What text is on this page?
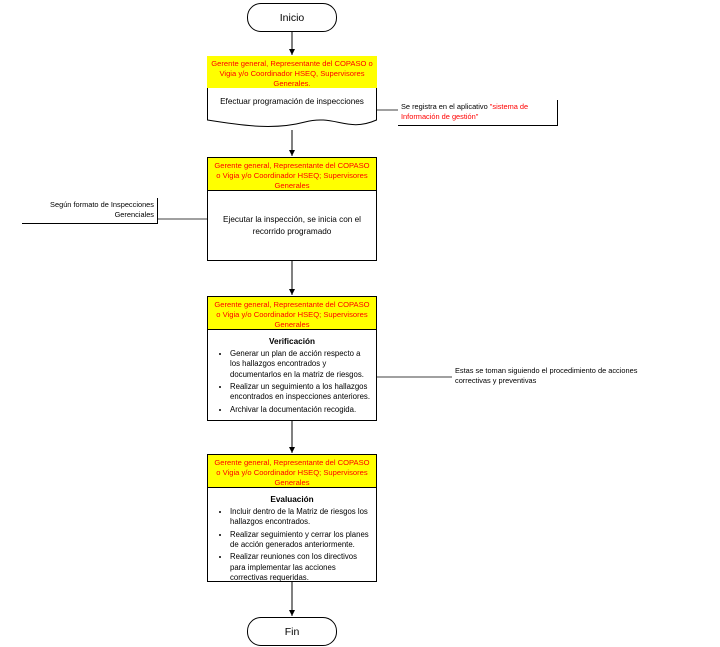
Inicio
Gerente general, Representante del COPASO o Vigia y/o Coordinador HSEQ, Supervisores Generales.
Efectuar programación de inspecciones
Gerente general, Representante del COPASO o Vigia y/o Coordinador HSEQ; Supervisores Generales
Ejecutar la inspección, se inicia con el recorrido programado
Gerente general, Representante del COPASO o Vigia y/o Coordinador HSEQ; Supervisores Generales
Verificación
• Generar un plan de acción respecto a los hallazgos encontrados y documentarlos en la matriz de riesgos.
• Realizar un seguimiento a los hallazgos encontrados en inspecciones anteriores.
• Archivar la documentación recogida.
Gerente general, Representante del COPASO o Vigia y/o Coordinador HSEQ; Supervisores Generales
Evaluación
• Incluir dentro de la Matriz de riesgos los hallazgos encontrados.
• Realizar seguimiento y cerrar los planes de acción generados anteriormente.
• Realizar reuniones con los directivos para implementar las acciones correctivas requeridas.
Fin
Se registra en el aplicativo "sistema de Información de gestión"
Según formato de Inspecciones Gerenciales
Estas se toman siguiendo el procedimiento de acciones correctivas y preventivas
